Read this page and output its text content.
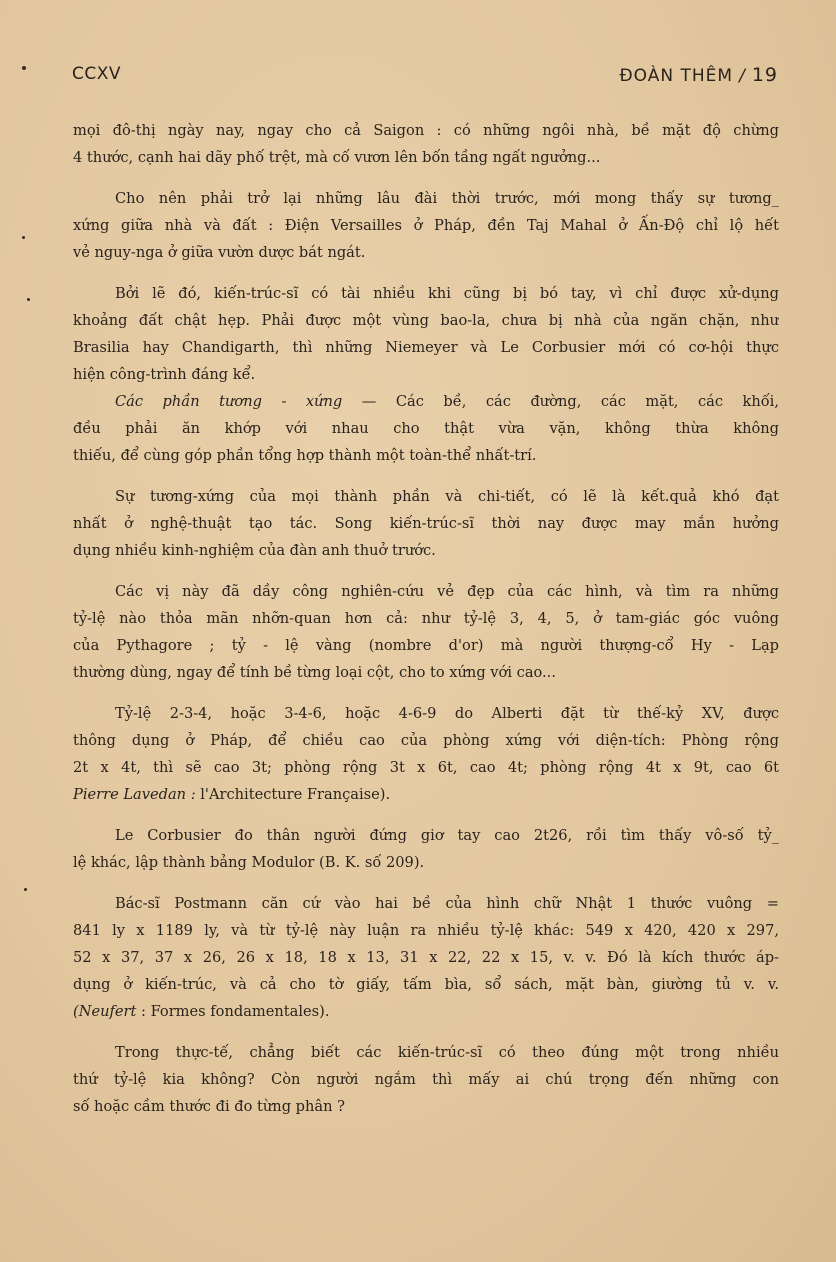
CCXV	ĐOÀN THÊM / 19
mọi đô-thị ngày nay, ngay cho cả Saigon : có những ngôi nhà, bề mặt độ chừng
4 thước, cạnh hai dãy phố trệt, mà cố vươn lên bốn tầng ngất ngưởng...
Cho nên phải trở lại những lâu đài thời trước, mới mong thấy sự tương_
xứng giữa nhà và đất : Điện Versailles ở Pháp, đền Taj Mahal ở Ấn-Độ chỉ lộ hết
vẻ nguy-nga ở giữa vườn dược bát ngát.
Bởi lẽ đó, kiến-trúc-sĩ có tài nhiều khi cũng bị bó tay, vì chỉ được xử-dụng
khoảng đất chật hẹp. Phải được một vùng bao-la, chưa bị nhà của ngăn chặn, như
Brasilia hay Chandigarth, thì những Niemeyer và Le Corbusier mới có cơ-hội thực
hiện công-trình đáng kể.
Các phần tương - xứng — Các bề, các đường, các mặt, các khối,
đều phải ăn khớp với nhau cho thật vừa vặn, không thừa không
thiếu, để cùng góp phần tổng hợp thành một toàn-thể nhất-trí.
Sự tương-xứng của mọi thành phần và chi-tiết, có lẽ là kết.quả khó đạt
nhất ở nghệ-thuật tạo tác. Song kiến-trúc-sĩ thời nay được may mắn hưởng
dụng nhiều kinh-nghiệm của đàn anh thuở trước.
Các vị này đã dầy công nghiên-cứu vẻ đẹp của các hình, và tìm ra những
tỷ-lệ nào thỏa mãn nhỡn-quan hơn cả: như tỷ-lệ 3, 4, 5, ở tam-giác góc vuông
của Pythagore ; tỷ - lệ vàng (nombre d'or) mà người thượng-cổ Hy - Lạp
thường dùng, ngay để tính bề từng loại cột, cho to xứng với cao...
Tỷ-lệ 2-3-4, hoặc 3-4-6, hoặc 4-6-9 do Alberti đặt từ thế-kỷ XV, được
thông dụng ở Pháp, để chiều cao của phòng xứng với diện-tích: Phòng rộng
2t x 4t, thì sẽ cao 3t; phòng rộng 3t x 6t, cao 4t; phòng rộng 4t x 9t, cao 6t
Pierre Lavedan : l'Architecture Française).
Le Corbusier đo thân người đứng giơ tay cao 2t26, rồi tìm thấy vô-số tỷ_
lệ khác, lập thành bảng Modulor (B. K. số 209).
Bác-sĩ Postmann căn cứ vào hai bề của hình chữ Nhật 1 thước vuông =
841 ly x 1189 ly, và từ tỷ-lệ này luận ra nhiều tỷ-lệ khác: 549 x 420, 420 x 297,
52 x 37, 37 x 26, 26 x 18, 18 x 13, 31 x 22, 22 x 15, v. v. Đó là kích thước áp-
dụng ở kiến-trúc, và cả cho tờ giấy, tấm bìa, sổ sách, mặt bàn, giường tủ v. v.
(Neufert : Formes fondamentales).
Trong thực-tế, chẳng biết các kiến-trúc-sĩ có theo đúng một trong nhiều
thứ tỷ-lệ kia không? Còn người ngắm thì mấy ai chú trọng đến những con
số hoặc cầm thước đi đo từng phân ?
